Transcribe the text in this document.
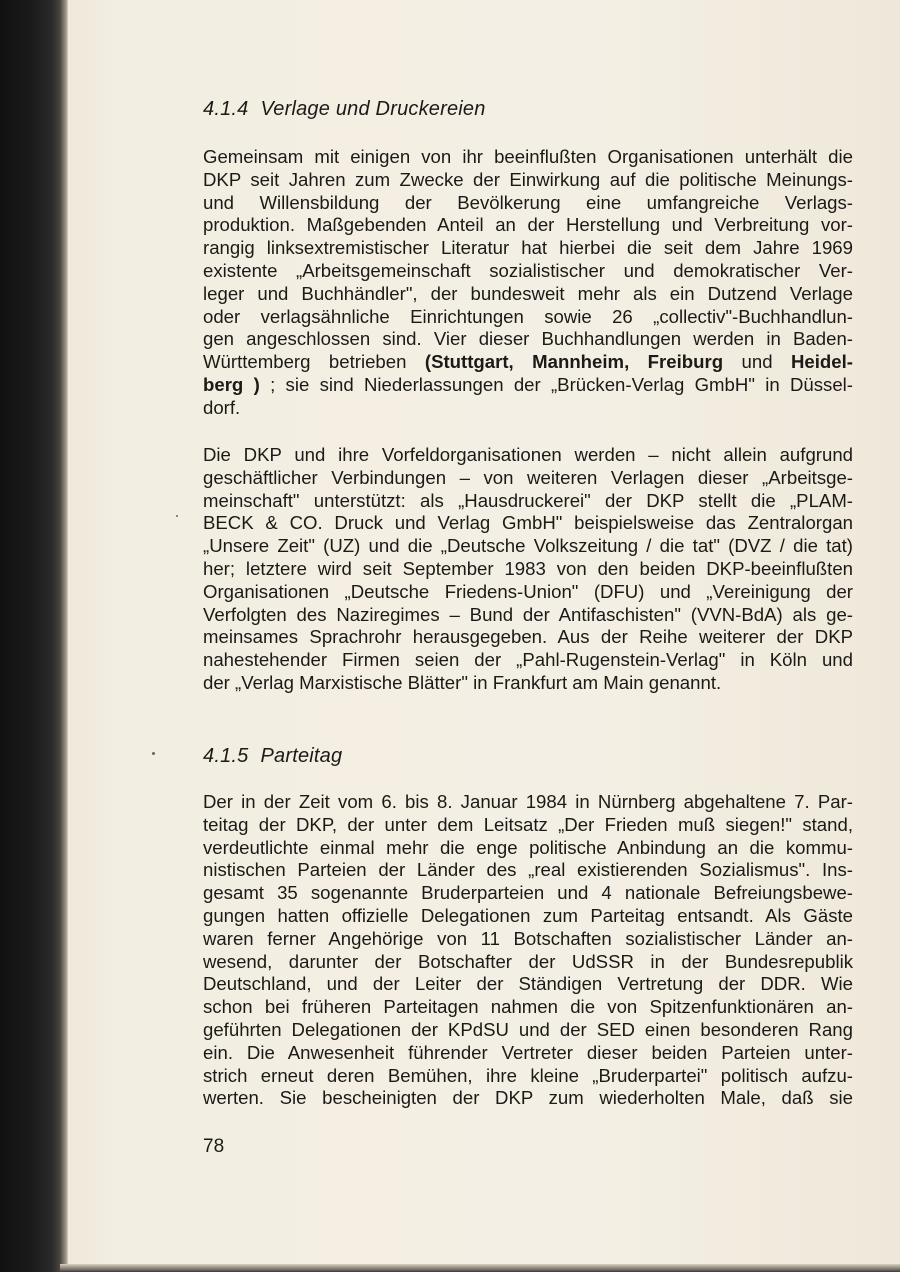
4.1.4 Verlage und Druckereien
Gemeinsam mit einigen von ihr beeinflußten Organisationen unterhält die
DKP seit Jahren zum Zwecke der Einwirkung auf die politische Meinungs-
und Willensbildung der Bevölkerung eine umfangreiche Verlags-
produktion. Maßgebenden Anteil an der Herstellung und Verbreitung vor-
rangig linksextremistischer Literatur hat hierbei die seit dem Jahre 1969
existente „Arbeitsgemeinschaft sozialistischer und demokratischer Ver-
leger und Buchhändler", der bundesweit mehr als ein Dutzend Verlage
oder verlagsähnliche Einrichtungen sowie 26 „collectiv"-Buchhandlun-
gen angeschlossen sind. Vier dieser Buchhandlungen werden in Baden-
Württemberg betrieben (Stuttgart, Mannheim, Freiburg und Heidel-
berg ) ; sie sind Niederlassungen der „Brücken-Verlag GmbH" in Düssel-
dorf.
Die DKP und ihre Vorfeldorganisationen werden – nicht allein aufgrund
geschäftlicher Verbindungen – von weiteren Verlagen dieser „Arbeitsge-
meinschaft" unterstützt: als „Hausdruckerei" der DKP stellt die „PLAM-
BECK & CO. Druck und Verlag GmbH" beispielsweise das Zentralorgan
„Unsere Zeit" (UZ) und die „Deutsche Volkszeitung / die tat" (DVZ / die tat)
her; letztere wird seit September 1983 von den beiden DKP-beeinflußten
Organisationen „Deutsche Friedens-Union" (DFU) und „Vereinigung der
Verfolgten des Naziregimes – Bund der Antifaschisten" (VVN-BdA) als ge-
meinsames Sprachrohr herausgegeben. Aus der Reihe weiterer der DKP
nahestehender Firmen seien der „Pahl-Rugenstein-Verlag" in Köln und
der „Verlag Marxistische Blätter" in Frankfurt am Main genannt.
4.1.5 Parteitag
Der in der Zeit vom 6. bis 8. Januar 1984 in Nürnberg abgehaltene 7. Par-
teitag der DKP, der unter dem Leitsatz „Der Frieden muß siegen!" stand,
verdeutlichte einmal mehr die enge politische Anbindung an die kommu-
nistischen Parteien der Länder des „real existierenden Sozialismus". Ins-
gesamt 35 sogenannte Bruderparteien und 4 nationale Befreiungsbewe-
gungen hatten offizielle Delegationen zum Parteitag entsandt. Als Gäste
waren ferner Angehörige von 11 Botschaften sozialistischer Länder an-
wesend, darunter der Botschafter der UdSSR in der Bundesrepublik
Deutschland, und der Leiter der Ständigen Vertretung der DDR. Wie
schon bei früheren Parteitagen nahmen die von Spitzenfunktionären an-
geführten Delegationen der KPdSU und der SED einen besonderen Rang
ein. Die Anwesenheit führender Vertreter dieser beiden Parteien unter-
strich erneut deren Bemühen, ihre kleine „Bruderpartei" politisch aufzu-
werten. Sie bescheinigten der DKP zum wiederholten Male, daß sie
78
